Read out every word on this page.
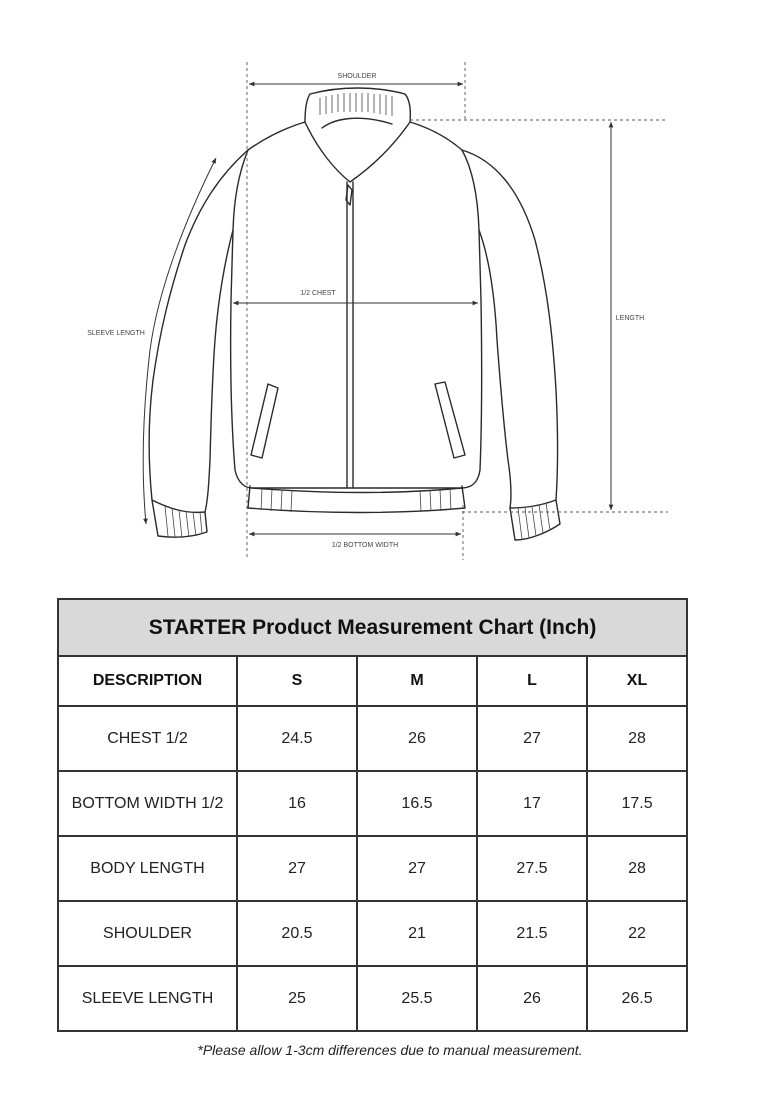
SHOULDER
1/2 CHEST
SLEEVE LENGTH
LENGTH
1/2 BOTTOM WIDTH
STARTER Product Measurement Chart (Inch)				
DESCRIPTION	S	M	L	XL
CHEST 1/2	24.5	26	27	28
BOTTOM WIDTH 1/2	16	16.5	17	17.5
BODY LENGTH	27	27	27.5	28
SHOULDER	20.5	21	21.5	22
SLEEVE LENGTH	25	25.5	26	26.5
*Please allow 1-3cm differences due to manual measurement.
